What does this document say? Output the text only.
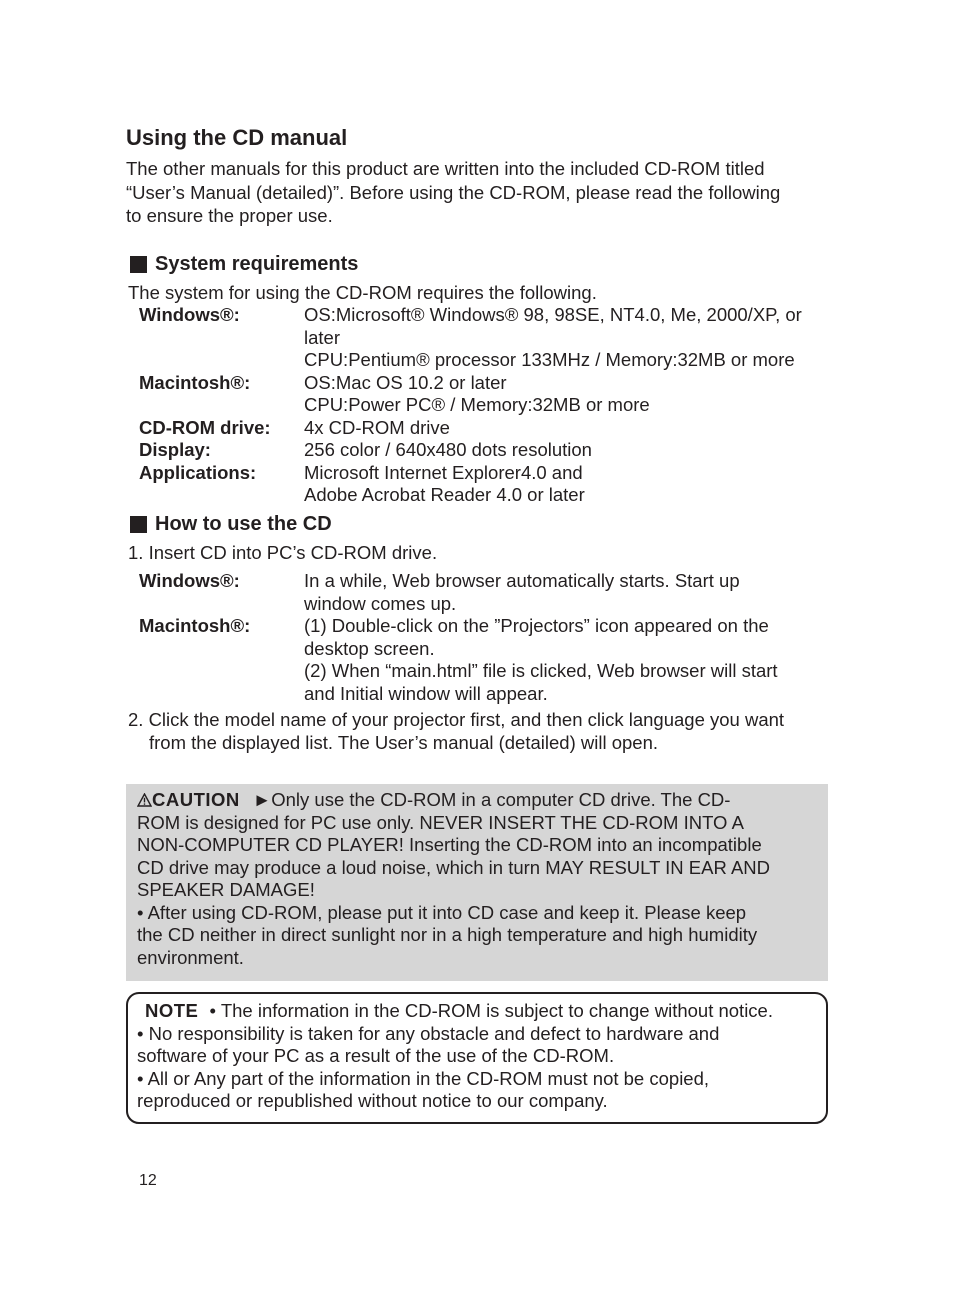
Using the CD manual
The other manuals for this product are written into the included CD-ROM titled
“User’s Manual (detailed)”. Before using the CD-ROM, please read the following
to ensure the proper use.
System requirements
The system for using the CD-ROM requires the following.
Windows®:	OS:Microsoft® Windows® 98, 98SE, NT4.0, Me, 2000/XP, or
later
CPU:Pentium® processor 133MHz / Memory:32MB or more
Macintosh®:	OS:Mac OS 10.2 or later
CPU:Power PC® / Memory:32MB or more
CD-ROM drive:	4x CD-ROM drive
Display:	256 color / 640x480 dots resolution
Applications:	Microsoft Internet Explorer4.0 and
Adobe Acrobat Reader 4.0 or later
How to use the CD
1. Insert CD into PC’s CD-ROM drive.
Windows®:	In a while, Web browser automatically starts. Start up
window comes up.
Macintosh®:	(1) Double-click on the ”Projectors” icon appeared on the
desktop screen.
(2) When “main.html” file is clicked, Web browser will start
and Initial window will appear.
2. Click the model name of your projector first, and then click language you want
from the displayed list. The User’s manual (detailed) will open.
CAUTION ►Only use the CD-ROM in a computer CD drive. The CD-
ROM is designed for PC use only. NEVER INSERT THE CD-ROM INTO A
NON-COMPUTER CD PLAYER! Inserting the CD-ROM into an incompatible
CD drive may produce a loud noise, which in turn MAY RESULT IN EAR AND
SPEAKER DAMAGE!
• After using CD-ROM, please put it into CD case and keep it. Please keep
the CD neither in direct sunlight nor in a high temperature and high humidity
environment.
NOTE • The information in the CD-ROM is subject to change without notice.
• No responsibility is taken for any obstacle and defect to hardware and
software of your PC as a result of the use of the CD-ROM.
• All or Any part of the information in the CD-ROM must not be copied,
reproduced or republished without notice to our company.
12
